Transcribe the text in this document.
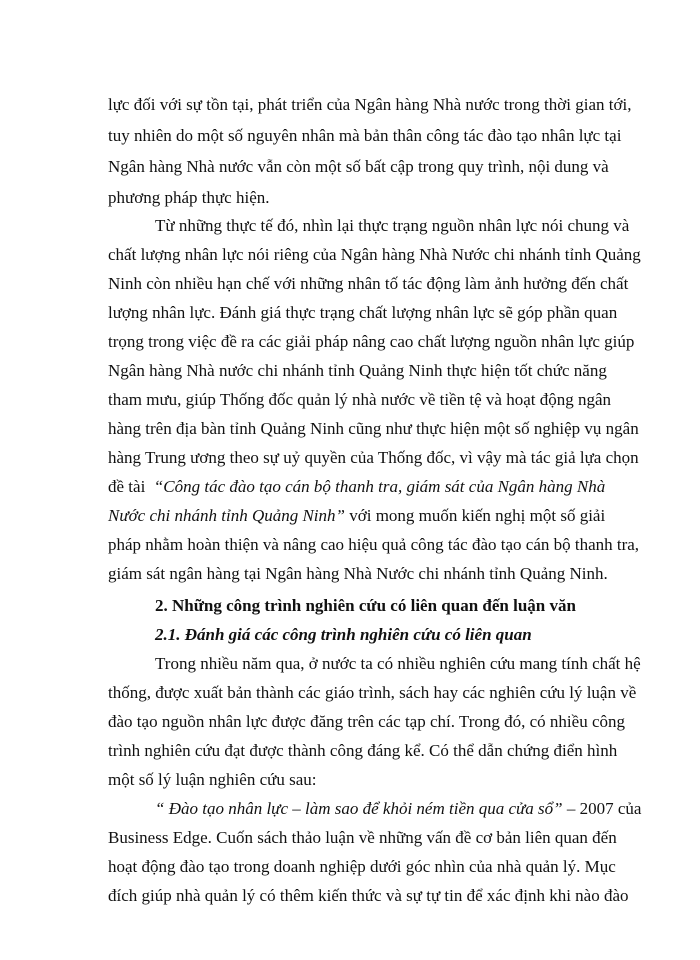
lực đối với sự tồn tại, phát triển của Ngân hàng Nhà nước trong thời gian tới,
tuy nhiên do một số nguyên nhân mà bản thân công tác đào tạo nhân lực tại
Ngân hàng Nhà nước vẫn còn một số bất cập trong quy trình, nội dung và
phương pháp thực hiện.
Từ những thực tế đó, nhìn lại thực trạng nguồn nhân lực nói chung và
chất lượng nhân lực nói riêng của Ngân hàng Nhà Nước chi nhánh tỉnh Quảng
Ninh còn nhiều hạn chế với những nhân tố tác động làm ảnh hưởng đến chất
lượng nhân lực. Đánh giá thực trạng chất lượng nhân lực sẽ góp phần quan
trọng trong việc đề ra các giải pháp nâng cao chất lượng nguồn nhân lực giúp
Ngân hàng Nhà nước chi nhánh tỉnh Quảng Ninh thực hiện tốt chức năng
tham mưu, giúp Thống đốc quản lý nhà nước về tiền tệ và hoạt động ngân
hàng trên địa bàn tỉnh Quảng Ninh cũng như thực hiện một số nghiệp vụ ngân
hàng Trung ương theo sự uỷ quyền của Thống đốc, vì vậy mà tác giả lựa chọn
đề tài “Công tác đào tạo cán bộ thanh tra, giám sát của Ngân hàng Nhà
Nước chi nhánh tỉnh Quảng Ninh” với mong muốn kiến nghị một số giải
pháp nhằm hoàn thiện và nâng cao hiệu quả công tác đào tạo cán bộ thanh tra,
giám sát ngân hàng tại Ngân hàng Nhà Nước chi nhánh tỉnh Quảng Ninh.
2. Những công trình nghiên cứu có liên quan đến luận văn
2.1. Đánh giá các công trình nghiên cứu có liên quan
Trong nhiều năm qua, ở nước ta có nhiều nghiên cứu mang tính chất hệ
thống, được xuất bản thành các giáo trình, sách hay các nghiên cứu lý luận về
đào tạo nguồn nhân lực được đăng trên các tạp chí. Trong đó, có nhiều công
trình nghiên cứu đạt được thành công đáng kể. Có thể dẫn chứng điển hình
một số lý luận nghiên cứu sau:
“ Đào tạo nhân lực – làm sao để khỏi ném tiền qua cửa sổ” – 2007 của
Business Edge. Cuốn sách thảo luận về những vấn đề cơ bản liên quan đến
hoạt động đào tạo trong doanh nghiệp dưới góc nhìn của nhà quản lý. Mục
đích giúp nhà quản lý có thêm kiến thức và sự tự tin để xác định khi nào đào
